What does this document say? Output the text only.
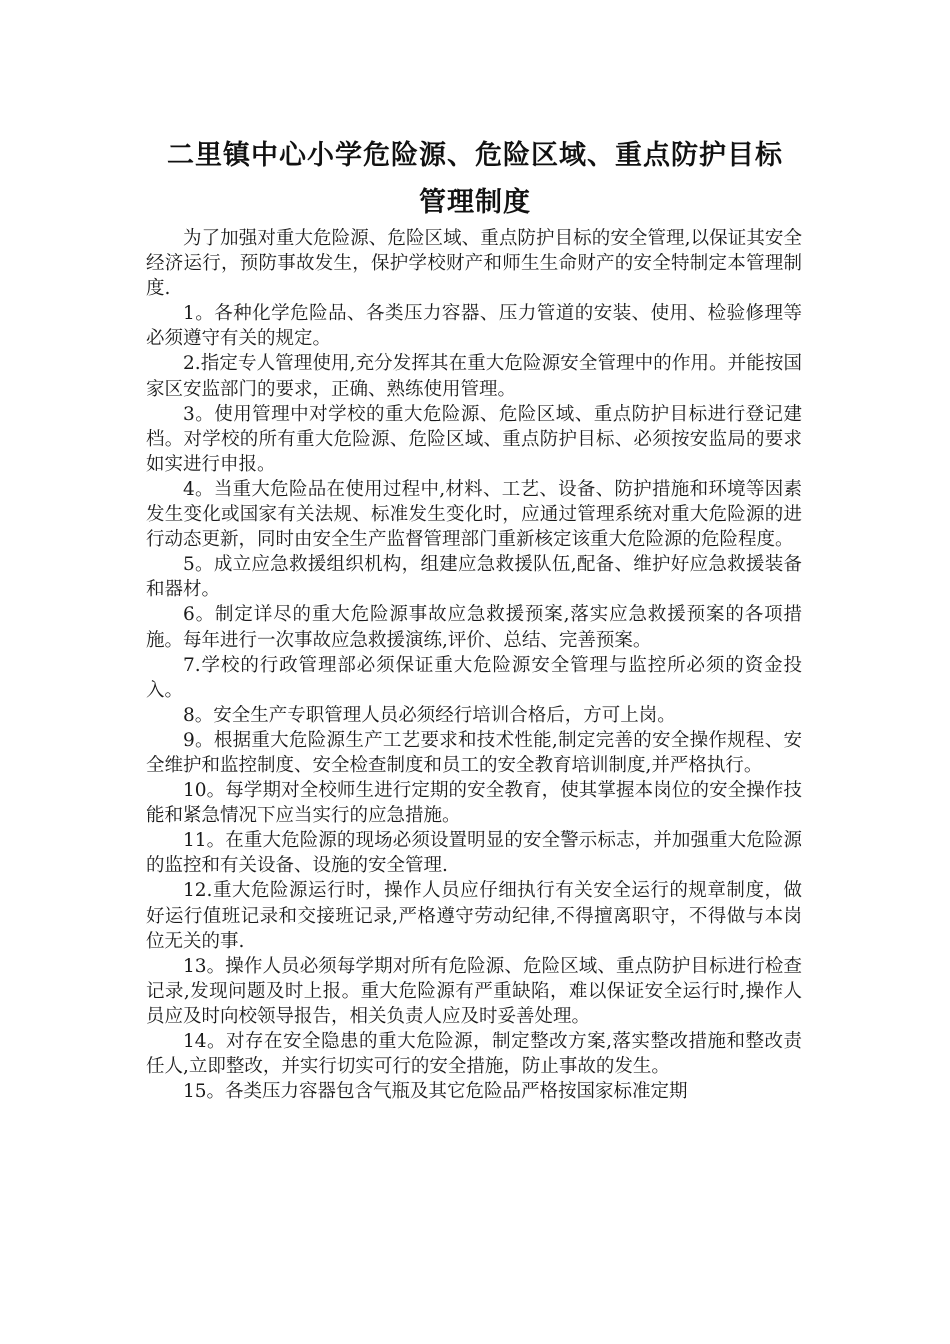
二里镇中心小学危险源、危险区域、重点防护目标
管理制度

为了加强对重大危险源、危险区域、重点防护目标的安全管理,以保证其安全经济运行，预防事故发生，保护学校财产和师生生命财产的安全特制定本管理制度.

1。各种化学危险品、各类压力容器、压力管道的安装、使用、检验修理等必须遵守有关的规定。

2.指定专人管理使用,充分发挥其在重大危险源安全管理中的作用。并能按国家区安监部门的要求，正确、熟练使用管理。

3。使用管理中对学校的重大危险源、危险区域、重点防护目标进行登记建档。对学校的所有重大危险源、危险区域、重点防护目标、必须按安监局的要求如实进行申报。

4。当重大危险品在使用过程中,材料、工艺、设备、防护措施和环境等因素发生变化或国家有关法规、标准发生变化时，应通过管理系统对重大危险源的进行动态更新，同时由安全生产监督管理部门重新核定该重大危险源的危险程度。

5。成立应急救援组织机构，组建应急救援队伍,配备、维护好应急救援装备和器材。

6。制定详尽的重大危险源事故应急救援预案,落实应急救援预案的各项措施。每年进行一次事故应急救援演练,评价、总结、完善预案。

7.学校的行政管理部必须保证重大危险源安全管理与监控所必须的资金投入。

8。安全生产专职管理人员必须经行培训合格后，方可上岗。

9。根据重大危险源生产工艺要求和技术性能,制定完善的安全操作规程、安全维护和监控制度、安全检查制度和员工的安全教育培训制度,并严格执行。

10。每学期对全校师生进行定期的安全教育，使其掌握本岗位的安全操作技能和紧急情况下应当实行的应急措施。

11。在重大危险源的现场必须设置明显的安全警示标志，并加强重大危险源的监控和有关设备、设施的安全管理.

12.重大危险源运行时，操作人员应仔细执行有关安全运行的规章制度，做好运行值班记录和交接班记录,严格遵守劳动纪律,不得擅离职守，不得做与本岗位无关的事.

13。操作人员必须每学期对所有危险源、危险区域、重点防护目标进行检查记录,发现问题及时上报。重大危险源有严重缺陷，难以保证安全运行时,操作人员应及时向校领导报告，相关负责人应及时妥善处理。

14。对存在安全隐患的重大危险源，制定整改方案,落实整改措施和整改责任人,立即整改，并实行切实可行的安全措施，防止事故的发生。

15。各类压力容器包含气瓶及其它危险品严格按国家标准定期
